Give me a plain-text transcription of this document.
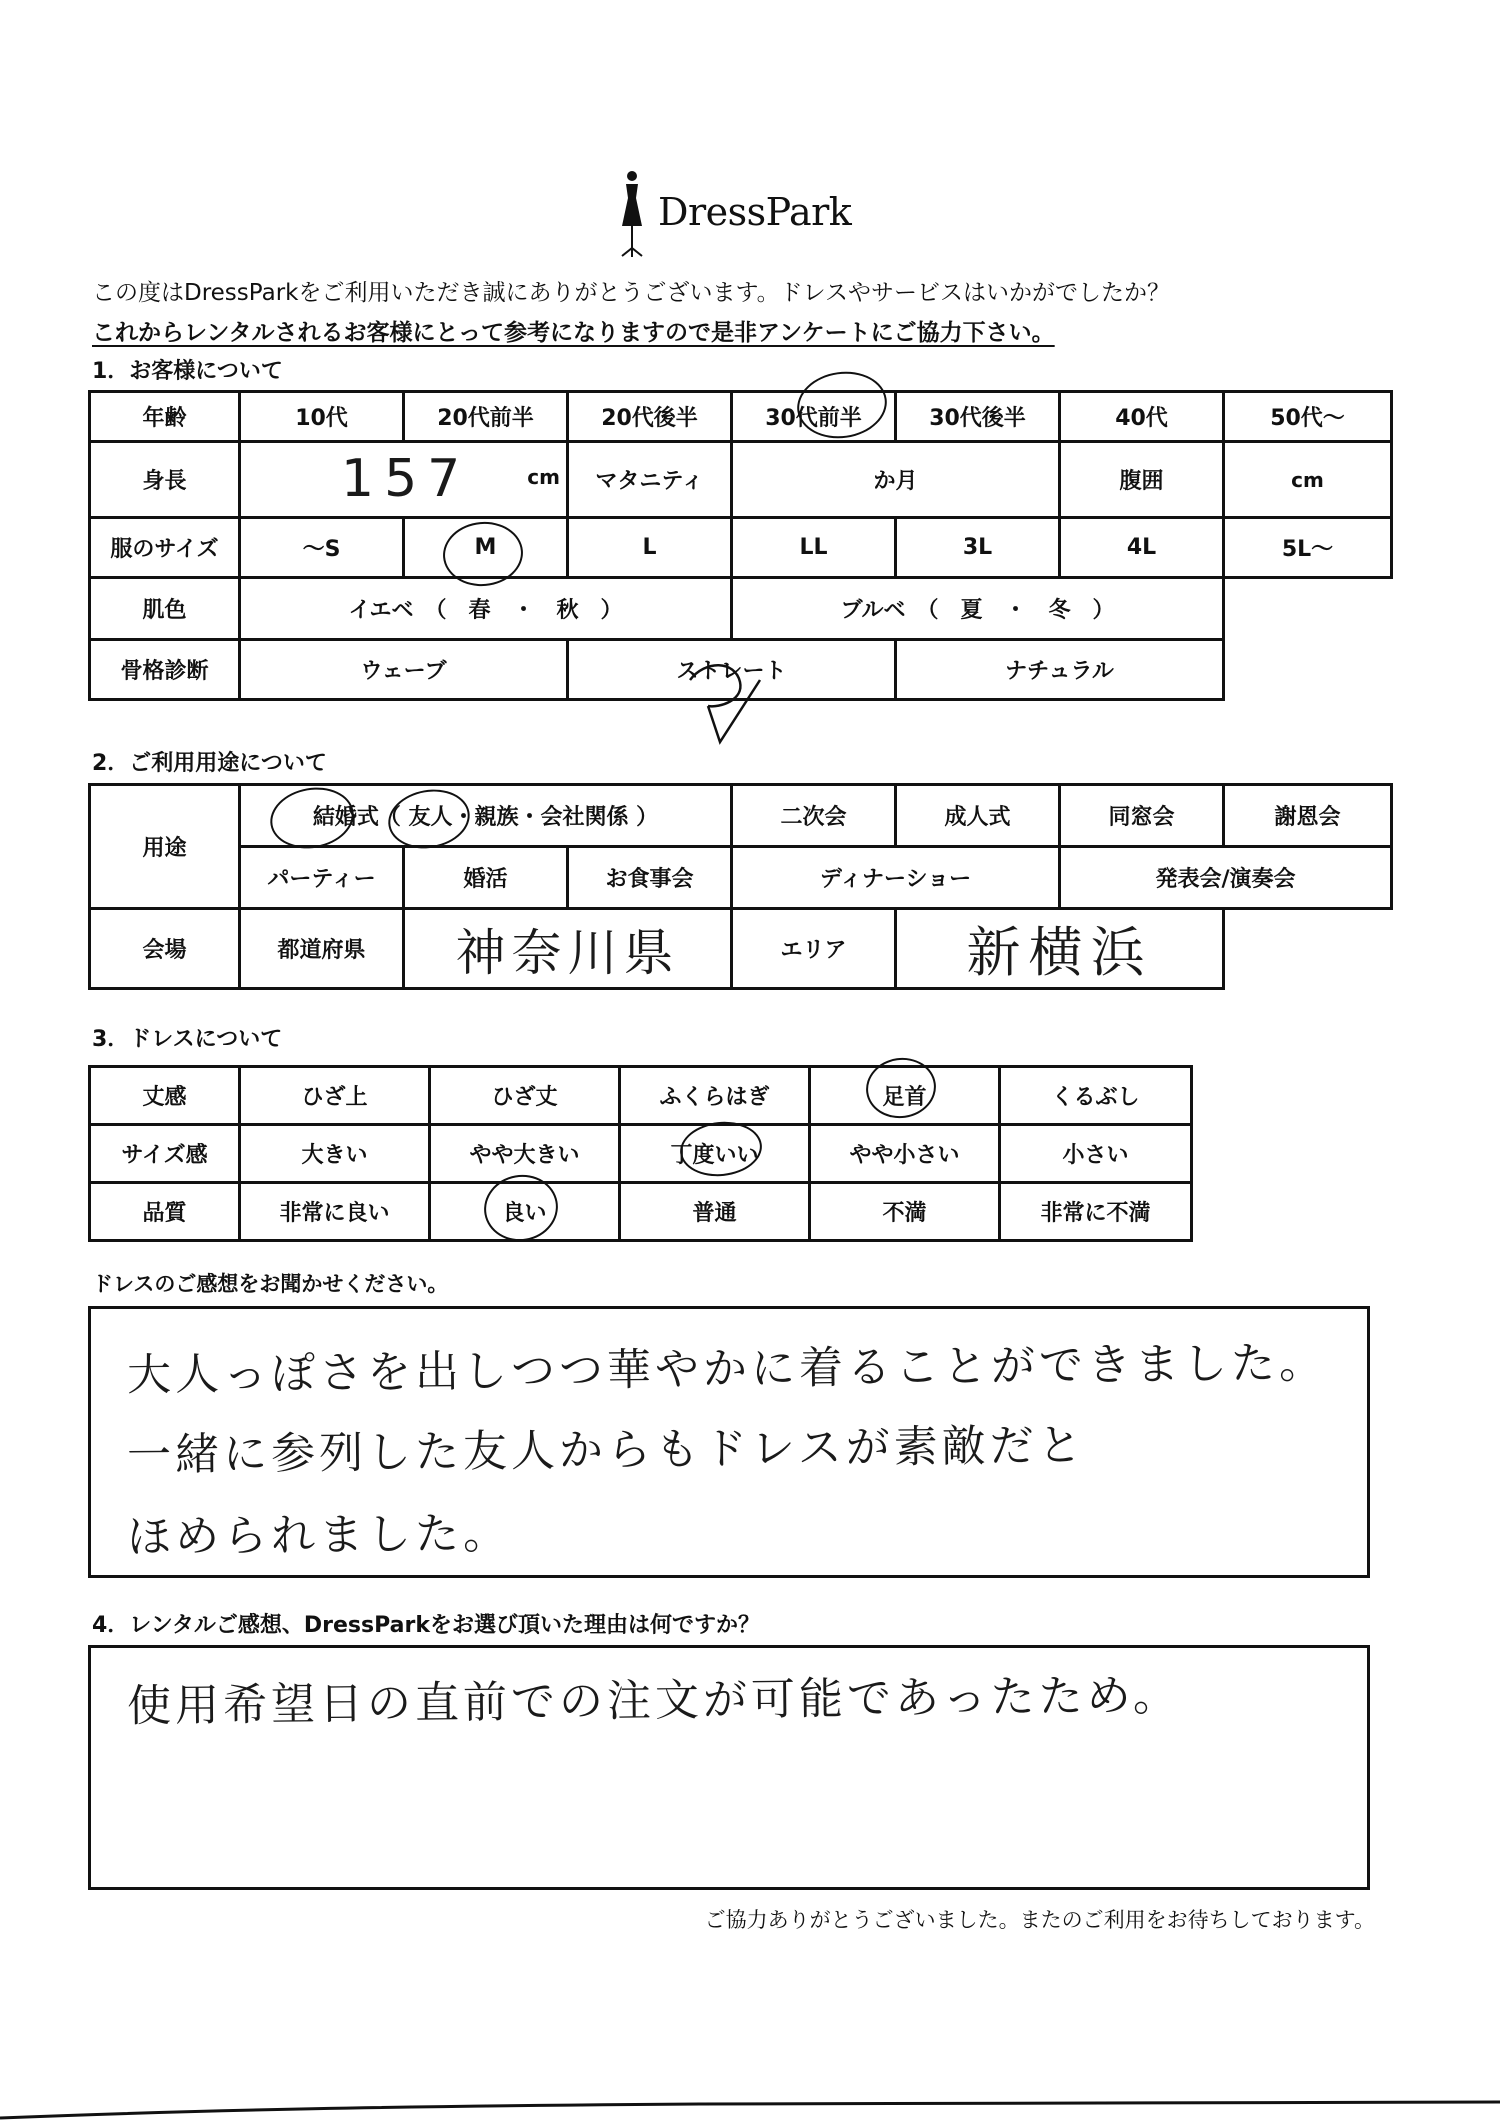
DressPark
この度はDressParkをご利用いただき誠にありがとうございます。ドレスやサービスはいかがでしたか？
これからレンタルされるお客様にとって参考になりますので是非アンケートにご協力下さい。
1．お客様について
年齢	10代	20代前半	20代後半	30代前半	30代後半	40代	50代～
身長	157 cm		マタニティ	か月		腹囲	cm
服のサイズ	～S	M	L	LL	3L	4L	5L～
肌色	イエベ　（　春　・　秋　）			ブルベ　（　夏　・　冬　）			
骨格診断	ウェーブ		ストレート		ナチュラル		
2．ご利用用途について
用途	結婚式（ 友人・親族・会社関係 ）			二次会	成人式	同窓会	謝恩会
	パーティー	婚活	お食事会	ディナーショー		発表会/演奏会	
会場	都道府県	神奈川県		エリア	新横浜		
3．ドレスについて
丈感	ひざ上	ひざ丈	ふくらはぎ	足首	くるぶし
サイズ感	大きい	やや大きい	丁度いい	やや小さい	小さい
品質	非常に良い	良い	普通	不満	非常に不満
ドレスのご感想をお聞かせください。
大人っぽさを出しつつ華やかに着ることができました。
一緒に参列した友人からもドレスが素敵だと
ほめられました。
4．レンタルご感想、DressParkをお選び頂いた理由は何ですか？
使用希望日の直前での注文が可能であったため。
ご協力ありがとうございました。またのご利用をお待ちしております。
